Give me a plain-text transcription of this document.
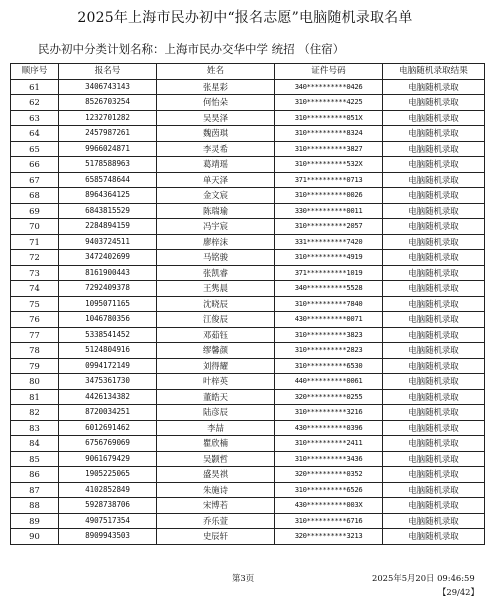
2025年上海市民办初中“报名志愿”电脑随机录取名单
民办初中分类计划名称：上海市民办交华中学 统招 （住宿）
顺序号	报名号	姓名	证件号码	电脑随机录取结果
61	3406743143	张星彩	340**********0426	电脑随机录取
62	8526703254	何怡朵	310**********4225	电脑随机录取
63	1232701282	吴昊泽	310**********051X	电脑随机录取
64	2457987261	魏茵琪	310**********8324	电脑随机录取
65	9966024871	李灵希	310**********3827	电脑随机录取
66	5178588963	葛靖瑶	310**********532X	电脑随机录取
67	6585748644	单天泽	371**********0713	电脑随机录取
68	8964364125	金文宸	310**********0026	电脑随机录取
69	6843815529	陈瑞瑜	330**********0011	电脑随机录取
70	2284894159	冯宇宸	310**********2057	电脑随机录取
71	9403724511	廖梓沫	331**********7420	电脑随机录取
72	3472402699	马铭骏	310**********4919	电脑随机录取
73	8161900443	张凯睿	371**********1019	电脑随机录取
74	7292409378	王隽晨	340**********5528	电脑随机录取
75	1095071165	沈晓辰	310**********7840	电脑随机录取
76	1046780356	江俊辰	430**********0071	电脑随机录取
77	5338541452	邓茹钰	310**********3823	电脑随机录取
78	5124804916	缪馨颜	310**********2823	电脑随机录取
79	0994172149	刘得耀	310**********6530	电脑随机录取
80	3475361730	叶梓英	440**********0061	电脑随机录取
81	4426134382	董皓天	320**********0255	电脑随机录取
82	8720034251	陆彦辰	310**********3216	电脑随机录取
83	6012691462	李喆	430**********0396	电脑随机录取
84	6756769069	瞿欣楠	310**********2411	电脑随机录取
85	9061679429	吴颢哲	310**********3436	电脑随机录取
86	1905225065	盛昊祺	320**********0352	电脑随机录取
87	4102852849	朱施诗	310**********6526	电脑随机录取
88	5928738706	宋博若	430**********003X	电脑随机录取
89	4907517354	乔乐萱	310**********6716	电脑随机录取
90	8909943503	史辰轩	320**********3213	电脑随机录取
第3页	2025年5月20日 09:46:59
【29/42】
